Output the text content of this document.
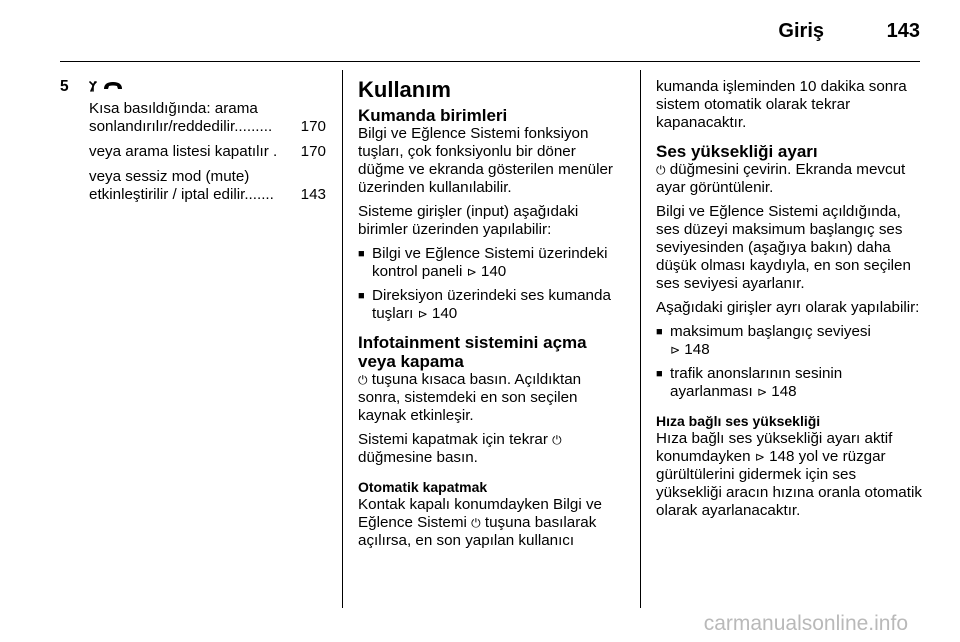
Giriş	143
5

Kısa basıldığında: arama

sonlandırılır/reddedilir.........	170
veya arama listesi kapatılır .	170
veya sessiz mod (mute)
etkinleştirilir / iptal edilir.......	143
Kullanım
Kumanda birimleri

Bilgi ve Eğlence Sistemi fonksiyon tuşları, çok fonksiyonlu bir döner düğme ve ekranda gösterilen menüler üzerinden kullanılabilir.

Sisteme girişler (input) aşağıdaki birimler üzerinden yapılabilir:

■ Bilgi ve Eğlence Sistemi üzerindeki kontrol paneli ⊳ 140
■ Direksiyon üzerindeki ses kumanda tuşları ⊳ 140
Infotainment sistemini açma veya kapama

⏻ tuşuna kısaca basın. Açıldıktan sonra, sistemdeki en son seçilen kaynak etkinleşir.

Sistemi kapatmak için tekrar ⏻ düğmesine basın.

Otomatik kapatmak

Kontak kapalı konumdayken Bilgi ve Eğlence Sistemi ⏻ tuşuna basılarak açılırsa, en son yapılan kullanıcı

kumanda işleminden 10 dakika sonra sistem otomatik olarak tekrar kapanacaktır.

Ses yüksekliği ayarı

⏻ düğmesini çevirin. Ekranda mevcut ayar görüntülenir.

Bilgi ve Eğlence Sistemi açıldığında, ses düzeyi maksimum başlangıç ses seviyesinden (aşağıya bakın) daha düşük olması kaydıyla, en son seçilen ses seviyesi ayarlanır.

Aşağıdaki girişler ayrı olarak yapılabilir:

■ maksimum başlangıç seviyesi
⊳ 148
■ trafik anonslarının sesinin ayarlanması ⊳ 148
Hıza bağlı ses yüksekliği

Hıza bağlı ses yüksekliği ayarı aktif konumdayken ⊳ 148 yol ve rüzgar gürültülerini gidermek için ses yüksekliği aracın hızına oranla otomatik olarak ayarlanacaktır.

carmanualsonline.info
